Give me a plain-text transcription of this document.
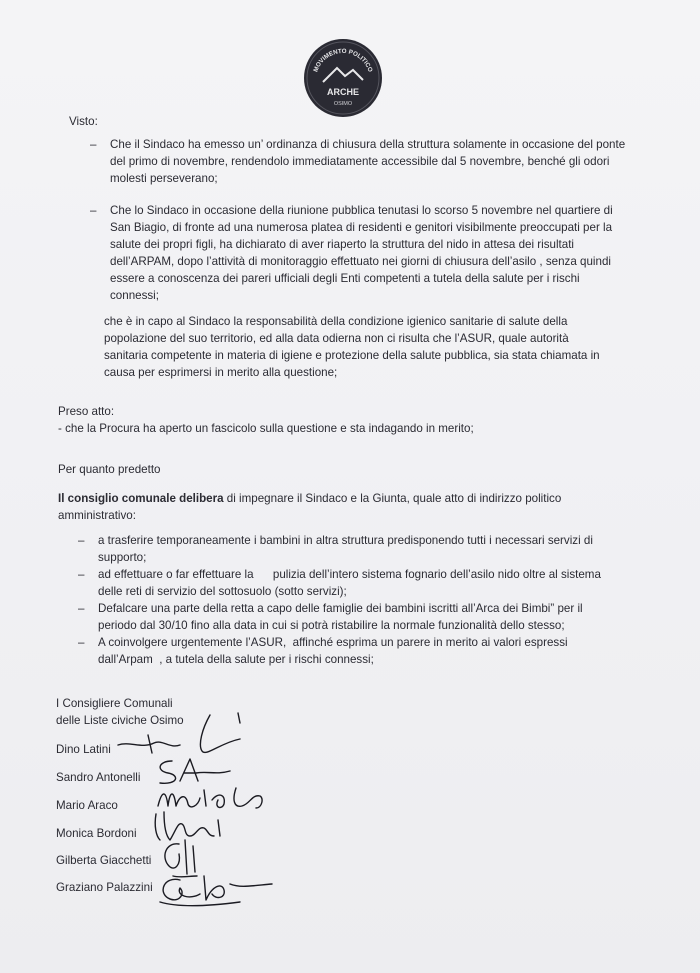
MOVIMENTO POLITICO
ARCHE
OSIMO

Visto:

– Che il Sindaco ha emesso un’ ordinanza di chiusura della struttura solamente in occasione del ponte

del primo di novembre, rendendolo immediatamente accessibile dal 5 novembre, benché gli odori

molesti perseverano;

– Che lo Sindaco in occasione della riunione pubblica tenutasi lo scorso 5 novembre nel quartiere di

San Biagio, di fronte ad una numerosa platea di residenti e genitori visibilmente preoccupati per la

salute dei propri figli, ha dichiarato di aver riaperto la struttura del nido in attesa dei risultati

dell’ARPAM, dopo l’attività di monitoraggio effettuato nei giorni di chiusura dell’asilo , senza quindi

essere a conoscenza dei pareri ufficiali degli Enti competenti a tutela della salute per i rischi

connessi;

che è in capo al Sindaco la responsabilità della condizione igienico sanitarie di salute della

popolazione del suo territorio, ed alla data odierna non ci risulta che l’ASUR, quale autorità

sanitaria competente in materia di igiene e protezione della salute pubblica, sia stata chiamata in

causa per esprimersi in merito alla questione;

Preso atto:

- che la Procura ha aperto un fascicolo sulla questione e sta indagando in merito;

Per quanto predetto

Il consiglio comunale delibera di impegnare il Sindaco e la Giunta, quale atto di indirizzo politico

amministrativo:

– a trasferire temporaneamente i bambini in altra struttura predisponendo tutti i necessari servizi di

supporto;

– ad effettuare o far effettuare la      pulizia dell’intero sistema fognario dell’asilo nido oltre al sistema

delle reti di servizio del sottosuolo (sotto servizi);

– Defalcare una parte della retta a capo delle famiglie dei bambini iscritti all’Arca dei Bimbi” per il

periodo dal 30/10 fino alla data in cui si potrà ristabilire la normale funzionalità dello stesso;

– A coinvolgere urgentemente l’ASUR,  affinché esprima un parere in merito ai valori espressi

dall’Arpam  , a tutela della salute per i rischi connessi;

I Consigliere Comunali

delle Liste civiche Osimo

Dino Latini

Sandro Antonelli

Mario Araco

Monica Bordoni

Gilberta Giacchetti

Graziano Palazzini
